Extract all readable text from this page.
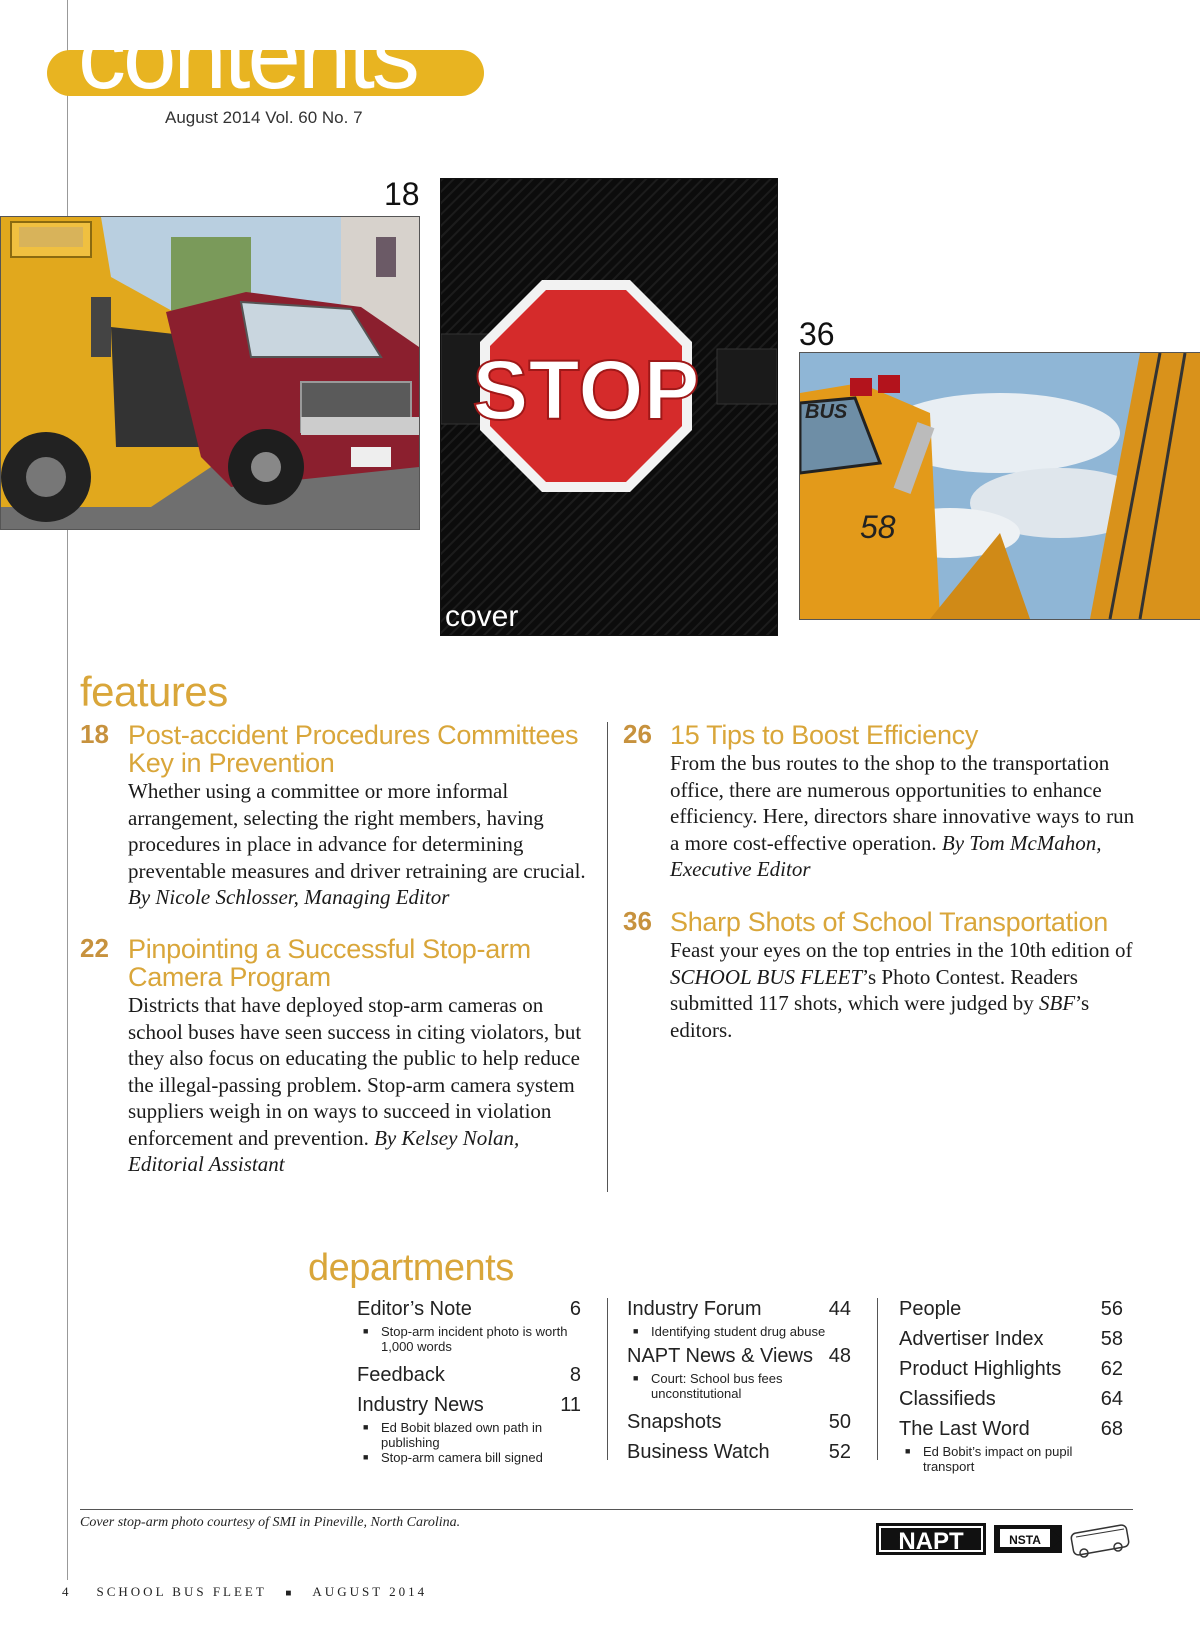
contents
August 2014 Vol. 60 No. 7
18
36
STOP
cover
BUS
58
features
18 Post-accident Procedures Committees Key in Prevention
Whether using a committee or more informal arrangement, selecting the right members, having procedures in place in advance for determining preventable measures and driver retraining are crucial.
By Nicole Schlosser, Managing Editor
22 Pinpointing a Successful Stop-arm Camera Program
Districts that have deployed stop-arm cameras on school buses have seen success in citing violators, but they also focus on educating the public to help reduce the illegal-passing problem. Stop-arm camera system suppliers weigh in on ways to succeed in violation enforcement and prevention. By Kelsey Nolan, Editorial Assistant
26 15 Tips to Boost Efficiency
From the bus routes to the shop to the transportation office, there are numerous opportunities to enhance efficiency. Here, directors share innovative ways to run a more cost-effective operation. By Tom McMahon, Executive Editor
36 Sharp Shots of School Transportation
Feast your eyes on the top entries in the 10th edition of SCHOOL BUS FLEET’s Photo Contest. Readers submitted 117 shots, which were judged by SBF’s editors.
departments
Editor’s Note	6
■ Stop-arm incident photo is worth 1,000 words
Feedback	8
Industry News	11
■ Ed Bobit blazed own path in publishing
■ Stop-arm camera bill signed
Industry Forum	44
■ Identifying student drug abuse
NAPT News & Views 48
■ Court: School bus fees unconstitutional
Snapshots	50
Business Watch	52
People	56
Advertiser Index	58
Product Highlights 62
Classifieds	64
The Last Word	68
■ Ed Bobit’s impact on pupil transport
Cover stop-arm photo courtesy of SMI in Pineville, North Carolina.
NAPT	NSTA
4 SCHOOL BUS FLEET ■ AUGUST 2014
